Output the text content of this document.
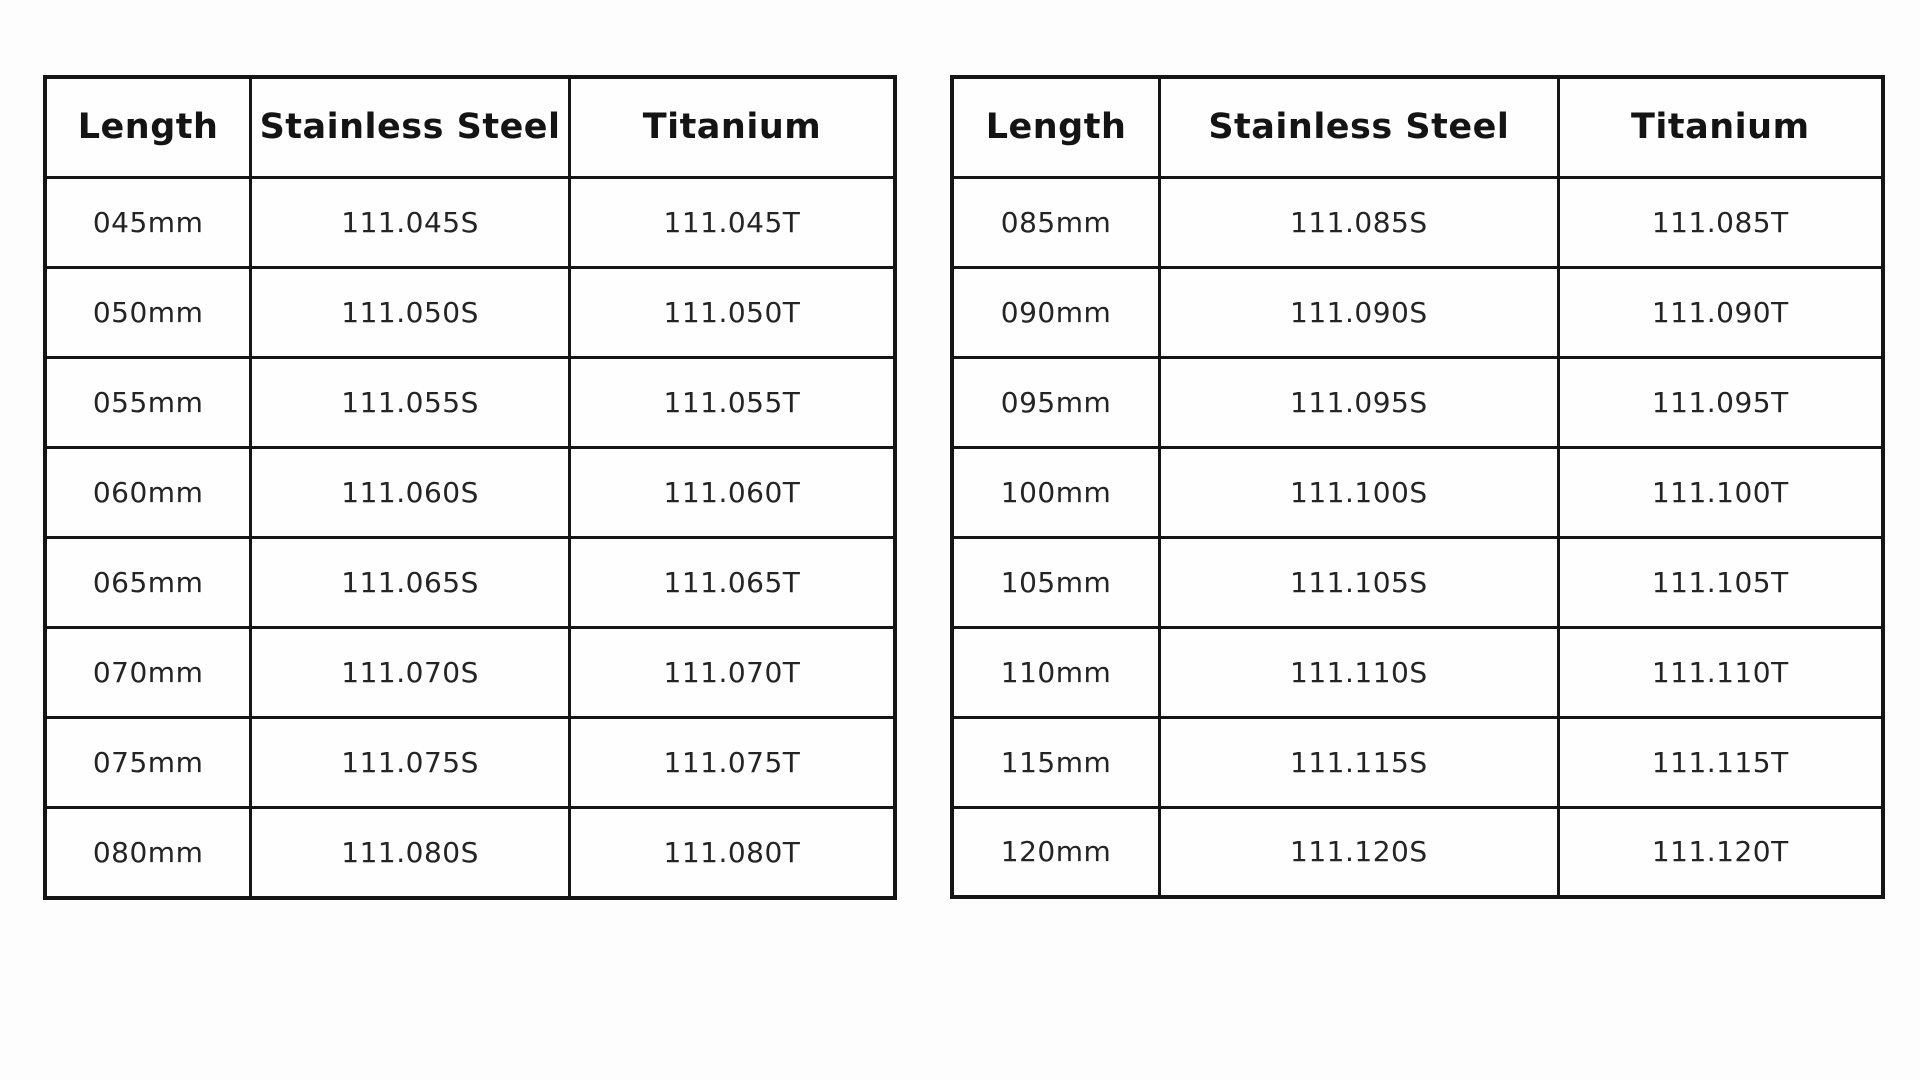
Length	Stainless Steel	Titanium
045mm	111.045S	111.045T
050mm	111.050S	111.050T
055mm	111.055S	111.055T
060mm	111.060S	111.060T
065mm	111.065S	111.065T
070mm	111.070S	111.070T
075mm	111.075S	111.075T
080mm	111.080S	111.080T
Length	Stainless Steel	Titanium
085mm	111.085S	111.085T
090mm	111.090S	111.090T
095mm	111.095S	111.095T
100mm	111.100S	111.100T
105mm	111.105S	111.105T
110mm	111.110S	111.110T
115mm	111.115S	111.115T
120mm	111.120S	111.120T
